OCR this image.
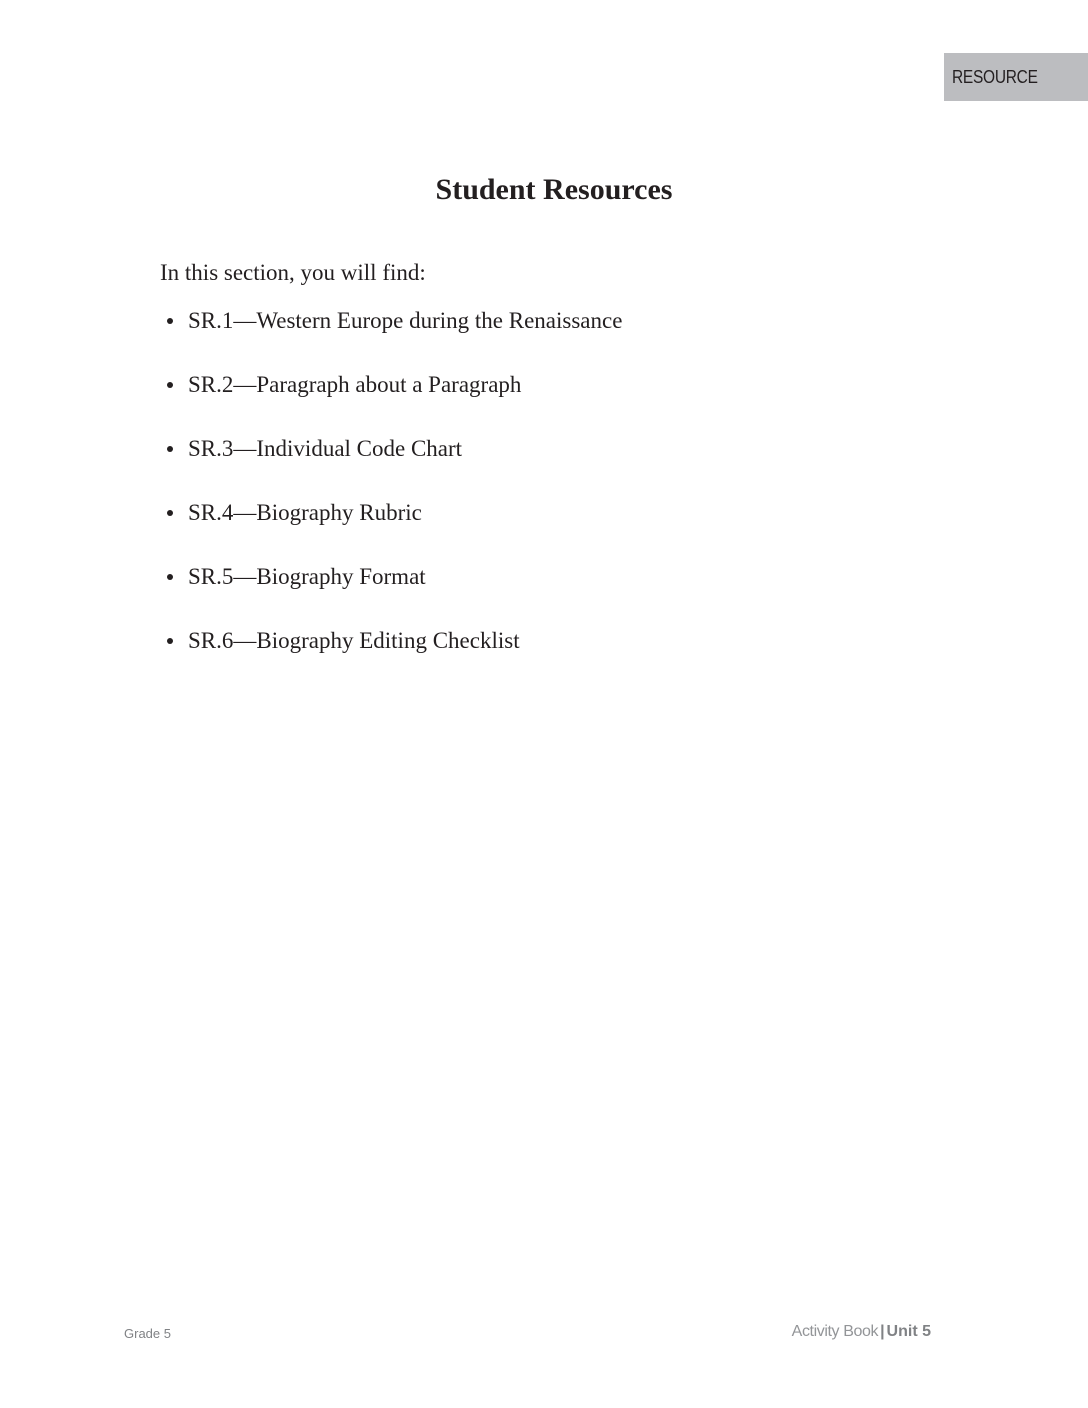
RESOURCE
Student Resources

In this section, you will find:

SR.1—Western Europe during the Renaissance
SR.2—Paragraph about a Paragraph
SR.3—Individual Code Chart
SR.4—Biography Rubric
SR.5—Biography Format
SR.6—Biography Editing Checklist
Grade 5	Activity Book | Unit 5
